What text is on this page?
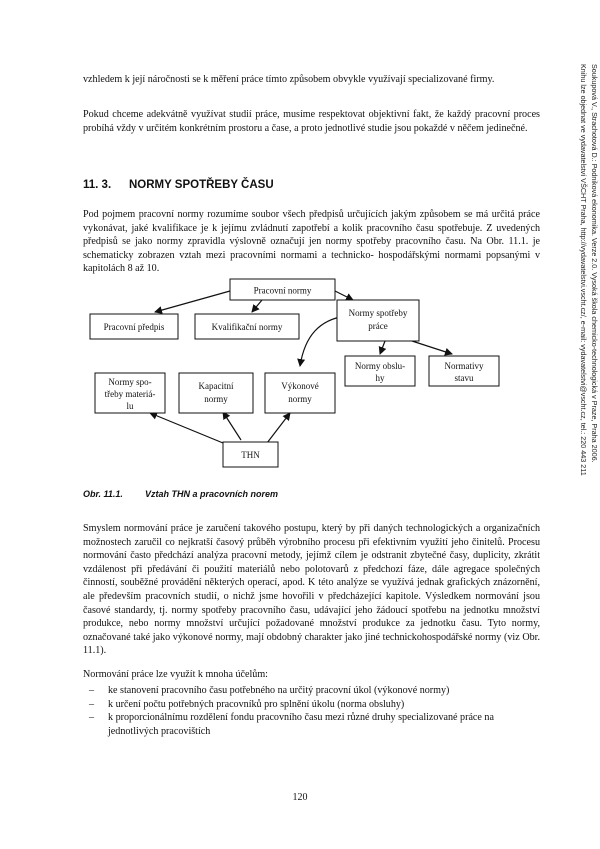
Soukupová V., Strachotová D.: Podniková ekonomika. Verze 2.0. Vysoká škola chemicko-technologická v Praze, Praha 2006.
Knihu lze objednat ve vydavatelství VŠCHT Praha, http://vydavatelstvi.vscht.cz/, e-mail: vydavatelstvi@vscht.cz, tel.: 220 443 211

vzhledem k její náročnosti se k měření práce tímto způsobem obvykle využívají specializované firmy.

Pokud chceme adekvátně využívat studií práce, musíme respektovat objektivní fakt, že každý pracovní proces probíhá vždy v určitém konkrétním prostoru a čase, a proto jednotlivé studie jsou pokaždé v něčem jedinečné.

11. 3. NORMY SPOTŘEBY ČASU

Pod pojmem pracovní normy rozumíme soubor všech předpisů určujících jakým způsobem se má určitá práce vykonávat, jaké kvalifikace je k jejímu zvládnutí zapotřebí a kolik pracovního času spotřebuje. Z uvedených předpisů se jako normy zpravidla výslovně označují jen normy spotřeby pracovního času. Na Obr. 11.1. je schematicky zobrazen vztah mezi pracovními normami a technicko- hospodářskými normami popsanými v kapitolách 8 až 10.

Pracovní normy
Pracovní předpis	Kvalifikační normy
Normy spotřeby
práce
Normy obslu-
hy
Normativy
stavu
Normy spo-
třeby materiá-
lu
Kapacitní
normy
Výkonové
normy
THN
Obr. 11.1. Vztah THN a pracovních norem

Smyslem normování práce je zaručení takového postupu, který by při daných technologických a organizačních možnostech zaručil co nejkratší časový průběh výrobního procesu při efektivním využití jeho činitelů. Procesu normování často předchází analýza pracovní metody, jejímž cílem je odstranit zbytečné časy, duplicity, zkrátit vzdálenost při předávání či použití materiálů nebo polotovarů z předchozí fáze, dále agregace společných činností, souběžné provádění některých operací, apod. K této analýze se využívá jednak grafických znázornění, ale především pracovních studií, o nichž jsme hovořili v předcházející kapitole. Výsledkem normování jsou časové standardy, tj. normy spotřeby pracovního času, udávající jeho žádoucí spotřebu na jednotku množství produkce, nebo normy množství určující požadované množství produkce za jednotku času. Tyto normy, označované také jako výkonové normy, mají obdobný charakter jako jiné technickohospodářské normy (viz Obr. 11.1).

Normování práce lze využít k mnoha účelům:

– ke stanovení pracovního času potřebného na určitý pracovní úkol (výkonové normy)
– k určení počtu potřebných pracovníků pro splnění úkolu (norma obsluhy)
– k proporcionálnímu rozdělení fondu pracovního času mezi různé druhy specializované práce na jednotlivých pracovištích
120
